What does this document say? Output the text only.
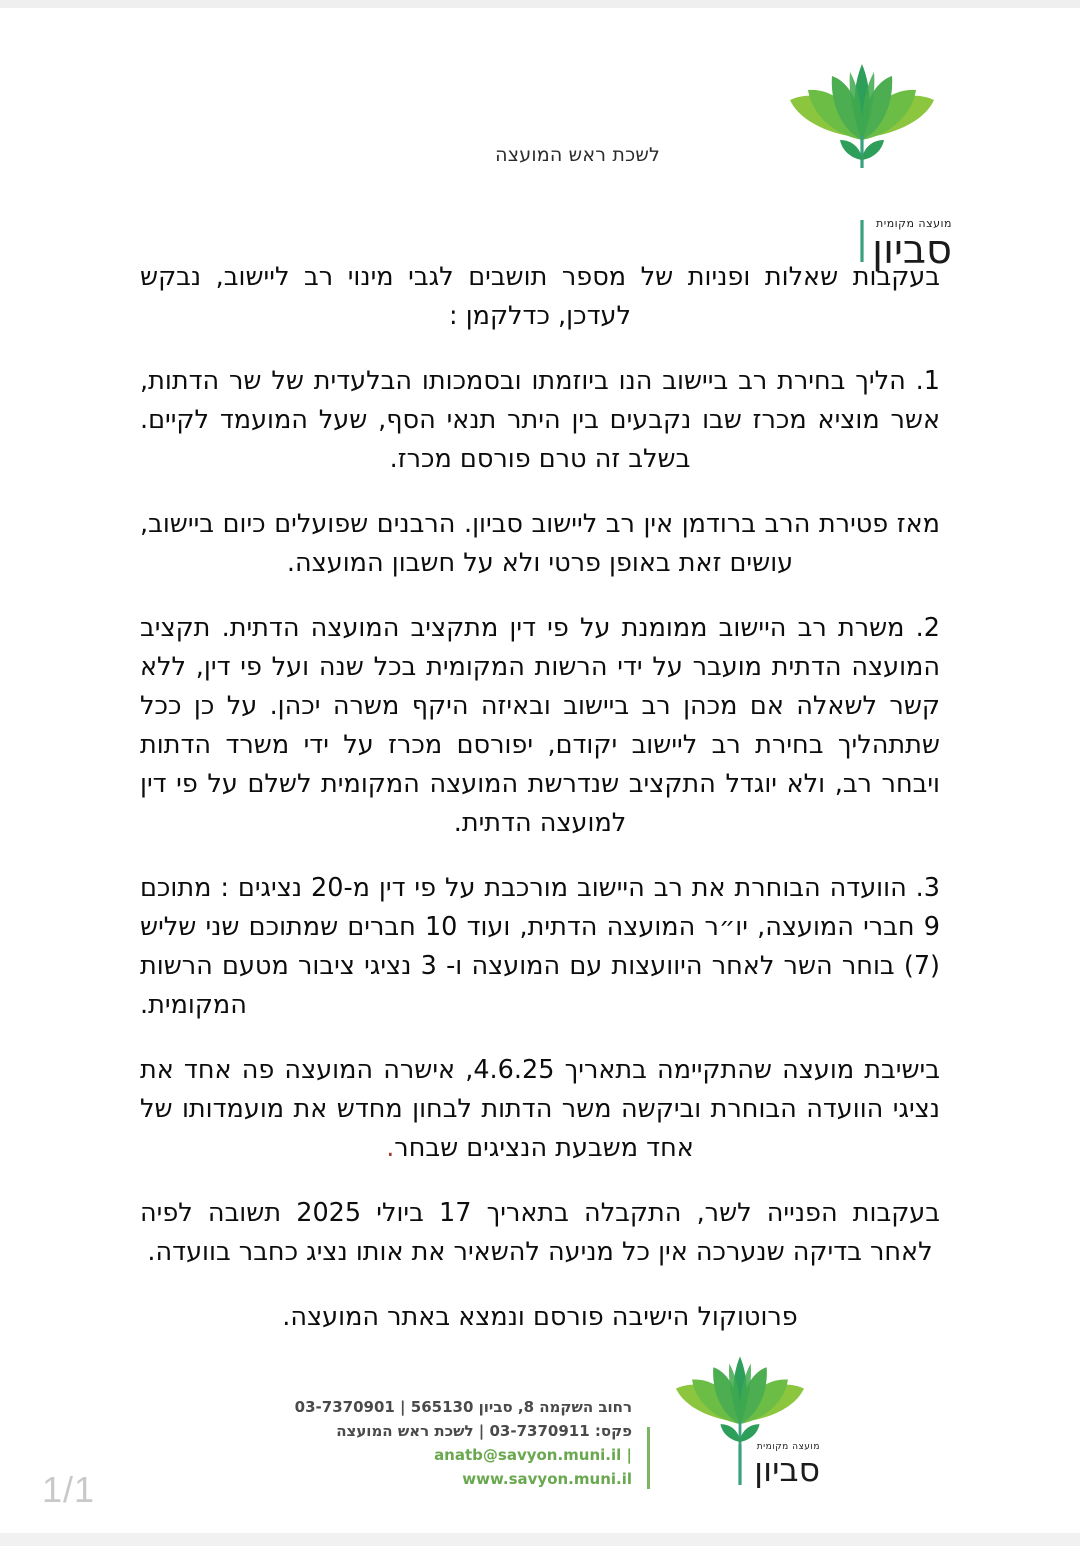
מועצה מקומית
סביון
לשכת ראש המועצה

בעקבות שאלות ופניות של מספר תושבים לגבי מינוי רב ליישוב, נבקש לעדכן, כדלקמן :

1. הליך בחירת רב ביישוב הנו ביוזמתו ובסמכותו הבלעדית של שר הדתות, אשר מוציא מכרז שבו נקבעים בין היתר תנאי הסף, שעל המועמד לקיים. בשלב זה טרם פורסם מכרז.

מאז פטירת הרב ברודמן אין רב ליישוב סביון. הרבנים שפועלים כיום ביישוב, עושים זאת באופן פרטי ולא על חשבון המועצה.

2. משרת רב היישוב ממומנת על פי דין מתקציב המועצה הדתית. תקציב המועצה הדתית מועבר על ידי הרשות המקומית בכל שנה ועל פי דין, ללא קשר לשאלה אם מכהן רב ביישוב ובאיזה היקף משרה יכהן. על כן ככל שתתהליך בחירת רב ליישוב יקודם, יפורסם מכרז על ידי משרד הדתות ויבחר רב, ולא יוגדל התקציב שנדרשת המועצה המקומית לשלם על פי דין למועצה הדתית.

3. הוועדה הבוחרת את רב היישוב מורכבת על פי דין מ-20 נציגים : מתוכם 9 חברי המועצה, יו״ר המועצה הדתית, ועוד 10 חברים שמתוכם שני שליש (7) בוחר השר לאחר היוועצות עם המועצה ו- 3 נציגי ציבור מטעם הרשות המקומית.

בישיבת מועצה שהתקיימה בתאריך 4.6.25, אישרה המועצה פה אחד את נציגי הוועדה הבוחרת וביקשה משר הדתות לבחון מחדש את מועמדותו של אחד משבעת הנציגים שבחר.

בעקבות הפנייה לשר, התקבלה בתאריך 17 ביולי 2025 תשובה לפיה לאחר בדיקה שנערכה אין כל מניעה להשאיר את אותו נציג כחבר בוועדה.

פרוטוקול הישיבה פורסם ונמצא באתר המועצה.

מועצה מקומית
סביון
רחוב השקמה 8, סביון 565130 | 03-7370901
פקס: 03-7370911 | לשכת ראש המועצה
anatb@savyon.muni.il | www.savyon.muni.il
1/1
